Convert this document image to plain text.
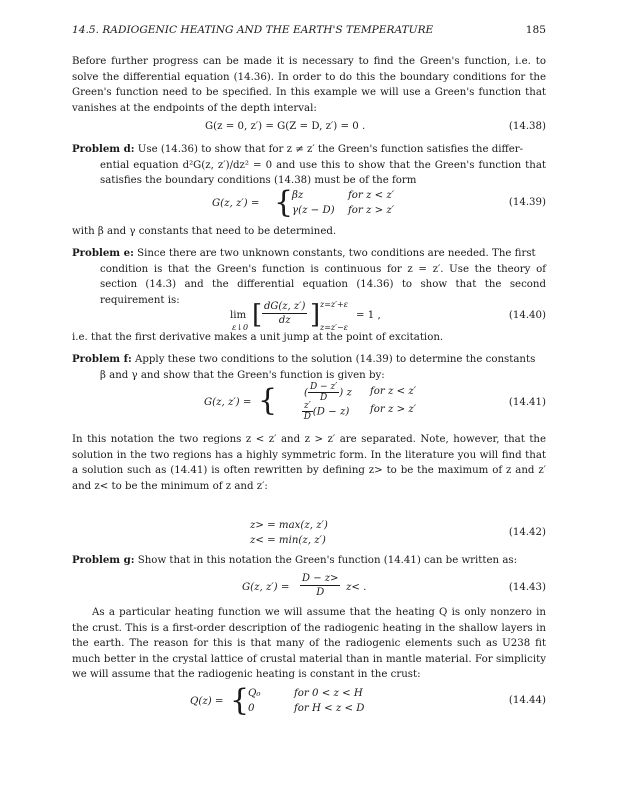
14.5. RADIOGENIC HEATING AND THE EARTH'S TEMPERATURE	185
Before further progress can be made it is necessary to find the Green's function, i.e. to solve the differential equation (14.36). In order to do this the boundary conditions for the Green's function need to be specified. In this example we will use a Green's function that vanishes at the endpoints of the depth interval:
G(z = 0, z′) = G(Z = D, z′) = 0 .	(14.38)
Problem d: Use (14.36) to show that for z ≠ z′ the Green's function satisfies the differ-
ential equation d²G(z, z′)/dz² = 0 and use this to show that the Green's function that satisfies the boundary conditions (14.38) must be of the form
G(z, z′) = {
βz	for z < z′
γ(z − D) for z > z′
(14.39)
with β and γ constants that need to be determined.
Problem e: Since there are two unknown constants, two conditions are needed. The first
condition is that the Green's function is continuous for z = z′. Use the theory of section (14.3) and the differential equation (14.36) to show that the second requirement is:
lim
ε↓0 [ $\frac{dG(z, z')}{dz}$ ] z=z′+ε
z=z′−ε
= 1 ,	(14.40)
i.e. that the first derivative makes a unit jump at the point of excitation.
Problem f: Apply these two conditions to the solution (14.39) to determine the constants
β and γ and show that the Green's function is given by:
G(z, z′) = {	( $\frac{D - z'}{D}$ ) z for z < z′
$\frac{z'}{D} (D - z)$ for z > z′
(14.41)
In this notation the two regions z < z′ and z > z′ are separated. Note, however, that the solution in the two regions has a highly symmetric form. In the literature you will find that a solution such as (14.41) is often rewritten by defining z> to be the maximum of z and z′ and z< to be the minimum of z and z′:
z> = max(z, z′)
z< = min(z, z′)
(14.42)
Problem g: Show that in this notation the Green's function (14.41) can be written as:
G(z, $z') = \frac{D - z>}{D} z<$ .	(14.43)
As a particular heating function we will assume that the heating Q is only nonzero in the crust. This is a first-order description of the radiogenic heating in the shallow layers in the earth. The reason for this is that many of the radiogenic elements such as U238 fit much better in the crystal lattice of crustal material than in mantle material. For simplicity we will assume that the radiogenic heating is constant in the crust:
Q(z) = {
Q₀	for 0 < z < H
0	for H < z < D
(14.44)
